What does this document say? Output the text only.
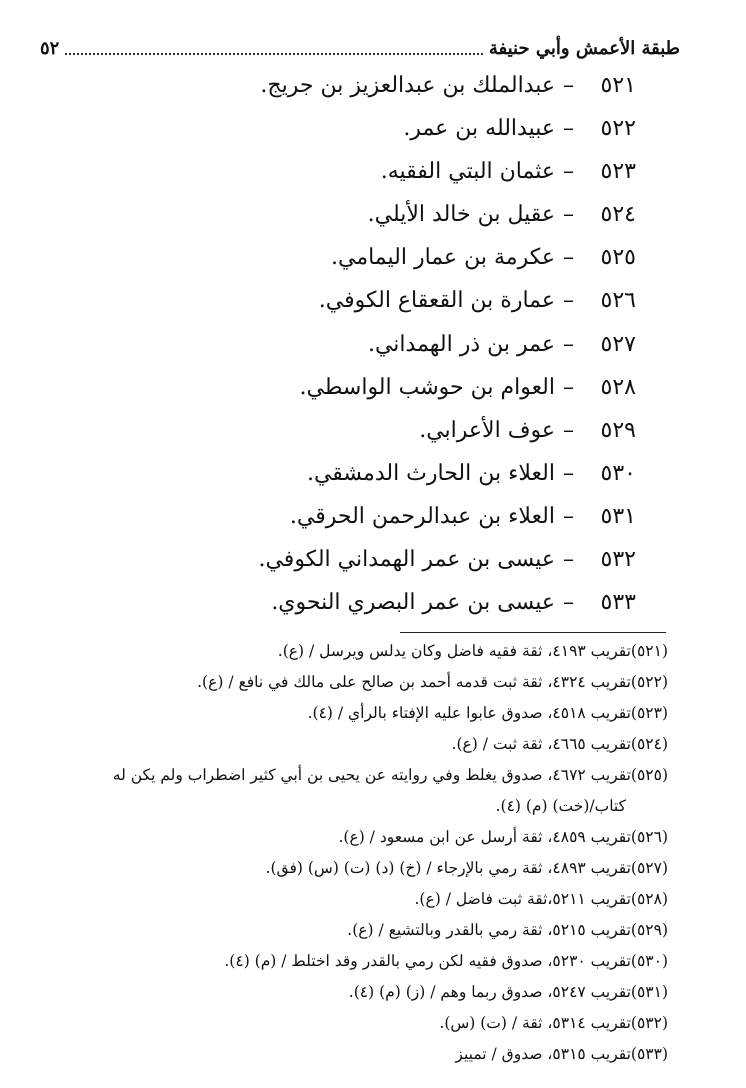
٥٢	طبقة الأعمش وأبي حنيفة
٥٢١–عبدالملك بن عبدالعزيز بن جريج.
٥٢٢–عبيدالله بن عمر.
٥٢٣–عثمان البتي الفقيه.
٥٢٤–عقيل بن خالد الأيلي.
٥٢٥–عكرمة بن عمار اليمامي.
٥٢٦–عمارة بن القعقاع الكوفي.
٥٢٧–عمر بن ذر الهمداني.
٥٢٨–العوام بن حوشب الواسطي.
٥٢٩–عوف الأعرابي.
٥٣٠–العلاء بن الحارث الدمشقي.
٥٣١–العلاء بن عبدالرحمن الحرقي.
٥٣٢–عيسى بن عمر الهمداني الكوفي.
٥٣٣–عيسى بن عمر البصري النحوي.
(٥٢١)تقريب ٤١٩٣، ثقة فقيه فاضل وكان يدلس ويرسل / (ع).
(٥٢٢)تقريب ٤٣٢٤، ثقة ثبت قدمه أحمد بن صالح على مالك في نافع / (ع).
(٥٢٣)تقريب ٤٥١٨، صدوق عابوا عليه الإفتاء بالرأي / (٤).
(٥٢٤)تقريب ٤٦٦٥، ثقة ثبت / (ع).
(٥٢٥)تقريب ٤٦٧٢، صدوق يغلط وفي روايته عن يحيى بن أبي كثير اضطراب ولم يكن له
كتاب/(خت) (م) (٤).
(٥٢٦)تقريب ٤٨٥٩، ثقة أرسل عن ابن مسعود / (ع).
(٥٢٧)تقريب ٤٨٩٣، ثقة رمي بالإرجاء / (خ) (د) (ت) (س) (فق).
(٥٢٨)تقريب ٥٢١١،ثقة ثبت فاضل / (ع).
(٥٢٩)تقريب ٥٢١٥، ثقة رمي بالقدر وبالتشيع / (ع).
(٥٣٠)تقريب ٥٢٣٠، صدوق فقيه لكن رمي بالقدر وقد اختلط / (م) (٤).
(٥٣١)تقريب ٥٢٤٧، صدوق ربما وهم / (ز) (م) (٤).
(٥٣٢)تقريب ٥٣١٤، ثقة / (ت) (س).
(٥٣٣)تقريب ٥٣١٥، صدوق / تمييز
